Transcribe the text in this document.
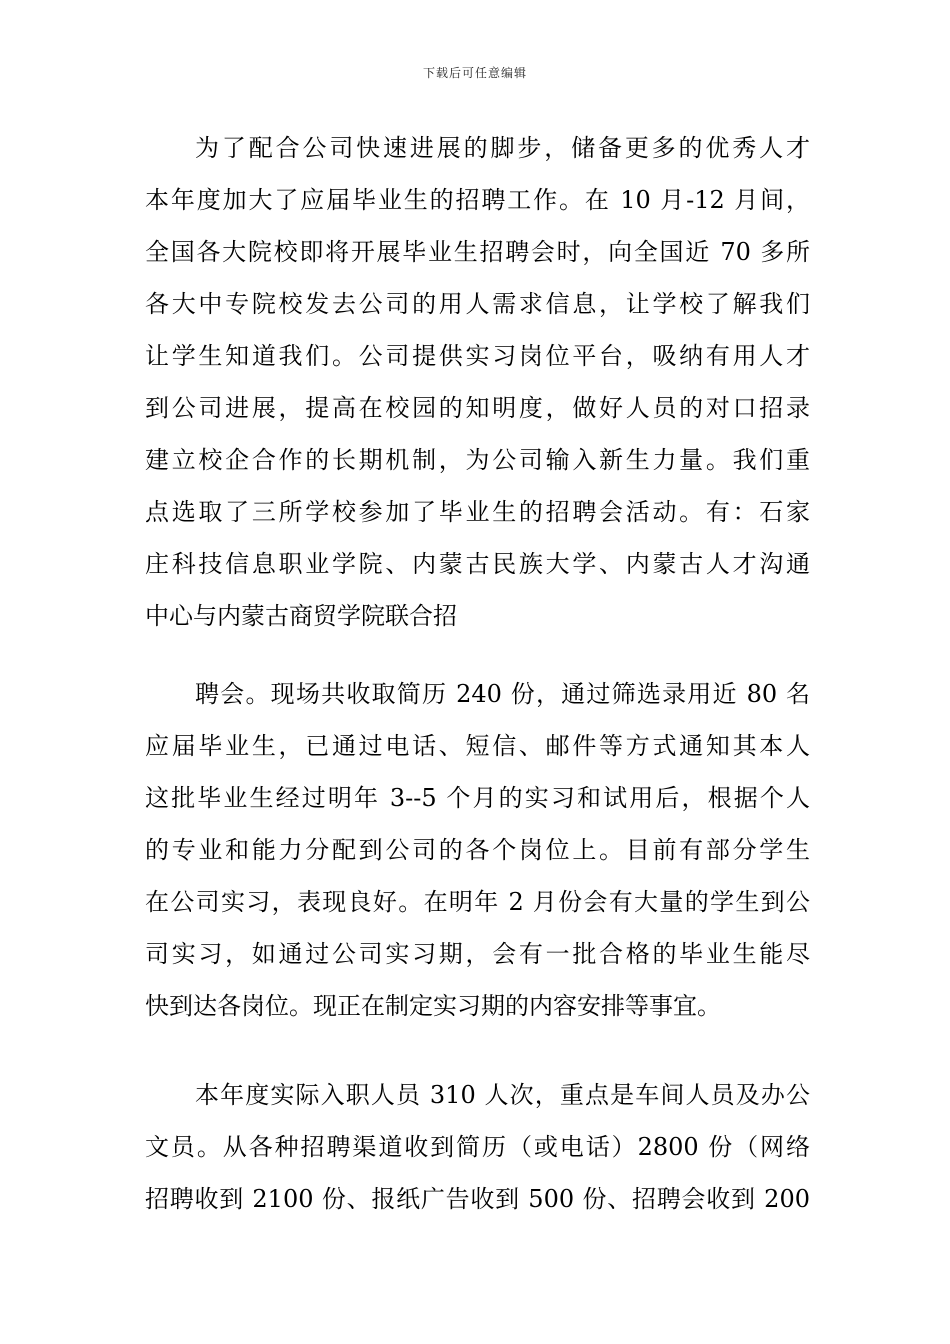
下载后可任意编辑
为了配合公司快速进展的脚步，储备更多的优秀人才
本年度加大了应届毕业生的招聘工作。在 10 月-12 月间，
全国各大院校即将开展毕业生招聘会时，向全国近 70 多所
各大中专院校发去公司的用人需求信息，让学校了解我们
让学生知道我们。公司提供实习岗位平台，吸纳有用人才
到公司进展，提高在校园的知明度，做好人员的对口招录
建立校企合作的长期机制，为公司输入新生力量。我们重
点选取了三所学校参加了毕业生的招聘会活动。有：石家
庄科技信息职业学院、内蒙古民族大学、内蒙古人才沟通
中心与内蒙古商贸学院联合招
聘会。现场共收取简历 240 份，通过筛选录用近 80 名
应届毕业生，已通过电话、短信、邮件等方式通知其本人
这批毕业生经过明年 3--5 个月的实习和试用后，根据个人
的专业和能力分配到公司的各个岗位上。目前有部分学生
在公司实习，表现良好。在明年 2 月份会有大量的学生到公
司实习，如通过公司实习期，会有一批合格的毕业生能尽
快到达各岗位。现正在制定实习期的内容安排等事宜。
本年度实际入职人员 310 人次，重点是车间人员及办公
文员。从各种招聘渠道收到简历（或电话）2800 份（网络
招聘收到 2100 份、报纸广告收到 500 份、招聘会收到 200
